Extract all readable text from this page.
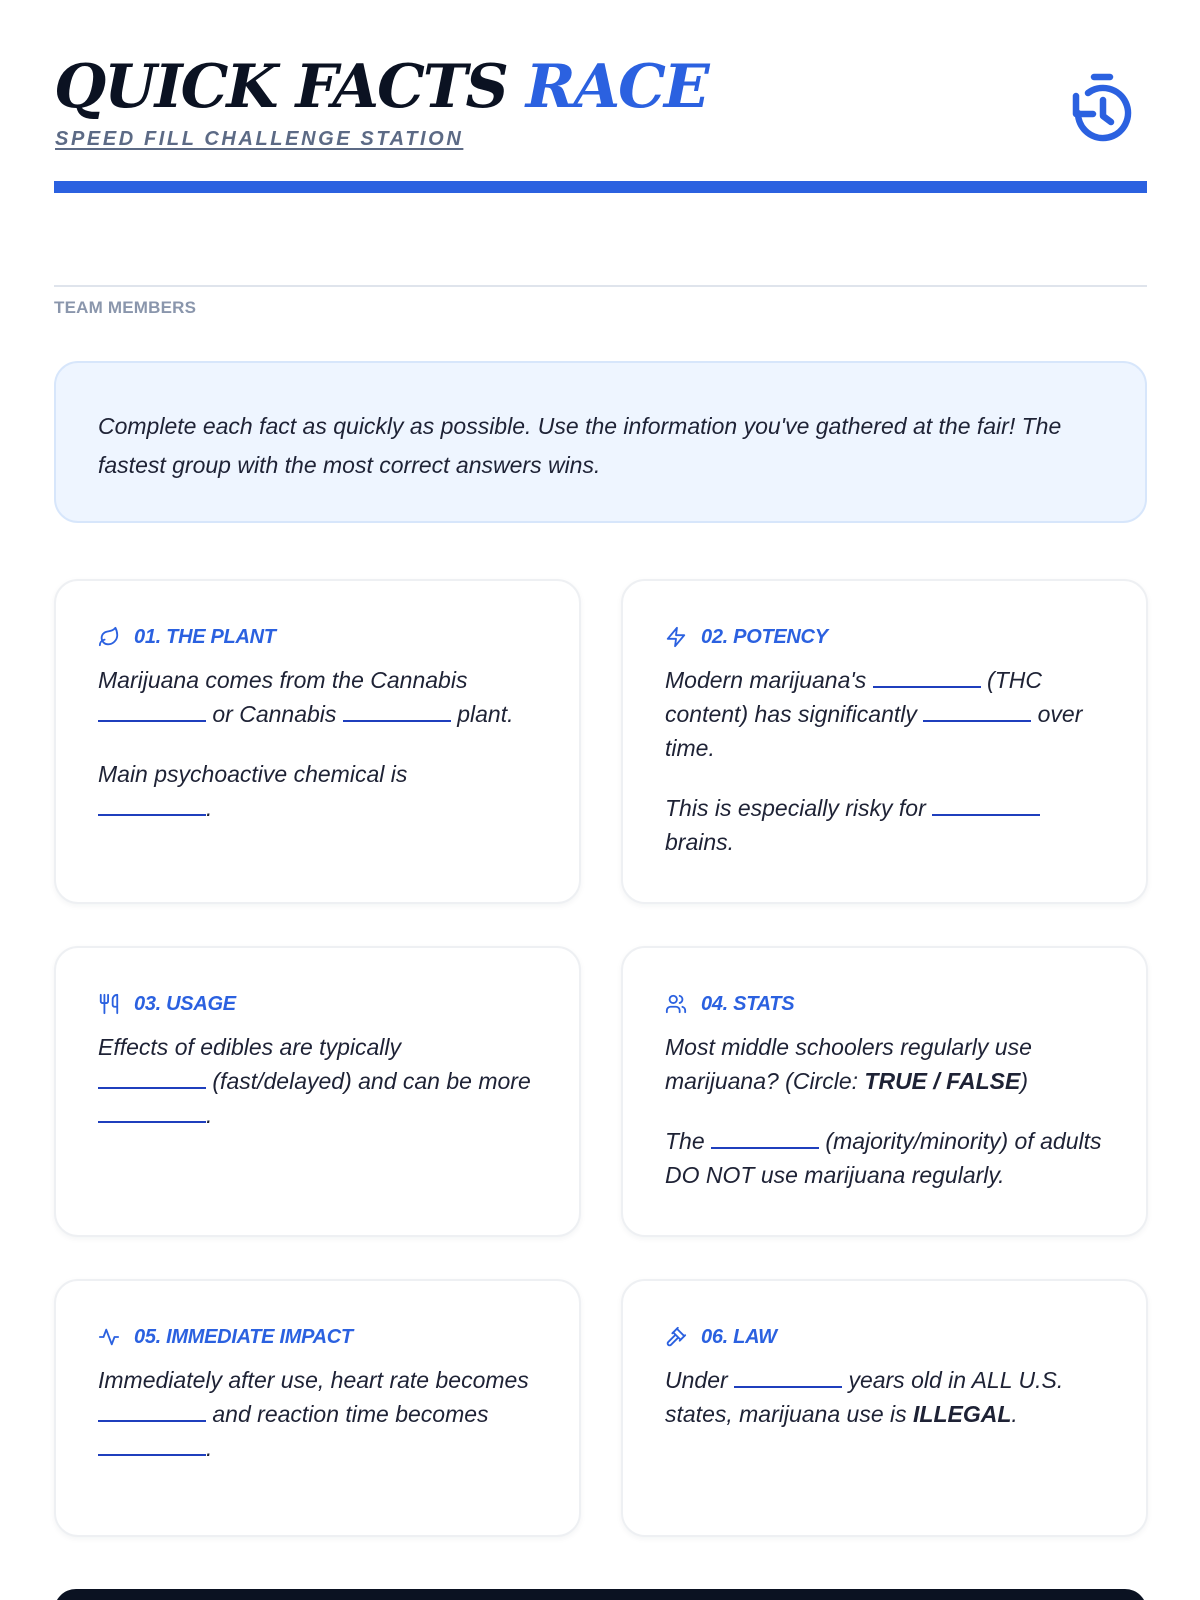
QUICK FACTS RACE
SPEED FILL CHALLENGE STATION
TEAM MEMBERS
Complete each fact as quickly as possible. Use the information you've gathered at the fair! The fastest group with the most correct answers wins.
01. THE PLANT

Marijuana comes from the Cannabis
or Cannabis	plant.

Main psychoactive chemical is
.

02. POTENCY

Modern marijuana's	(THC content) has significantly	over time.

This is especially risky for  brains.

03. USAGE

Effects of edibles are typically
(fast/delayed) and can be more .

04. STATS

Most middle schoolers regularly use marijuana? (Circle: TRUE / FALSE)

The	(majority/minority) of adults DO NOT use marijuana regularly.

05. IMMEDIATE IMPACT

Immediately after use, heart rate becomes  and reaction time becomes .

06. LAW

Under	years old in ALL U.S. states, marijuana use is ILLEGAL.
